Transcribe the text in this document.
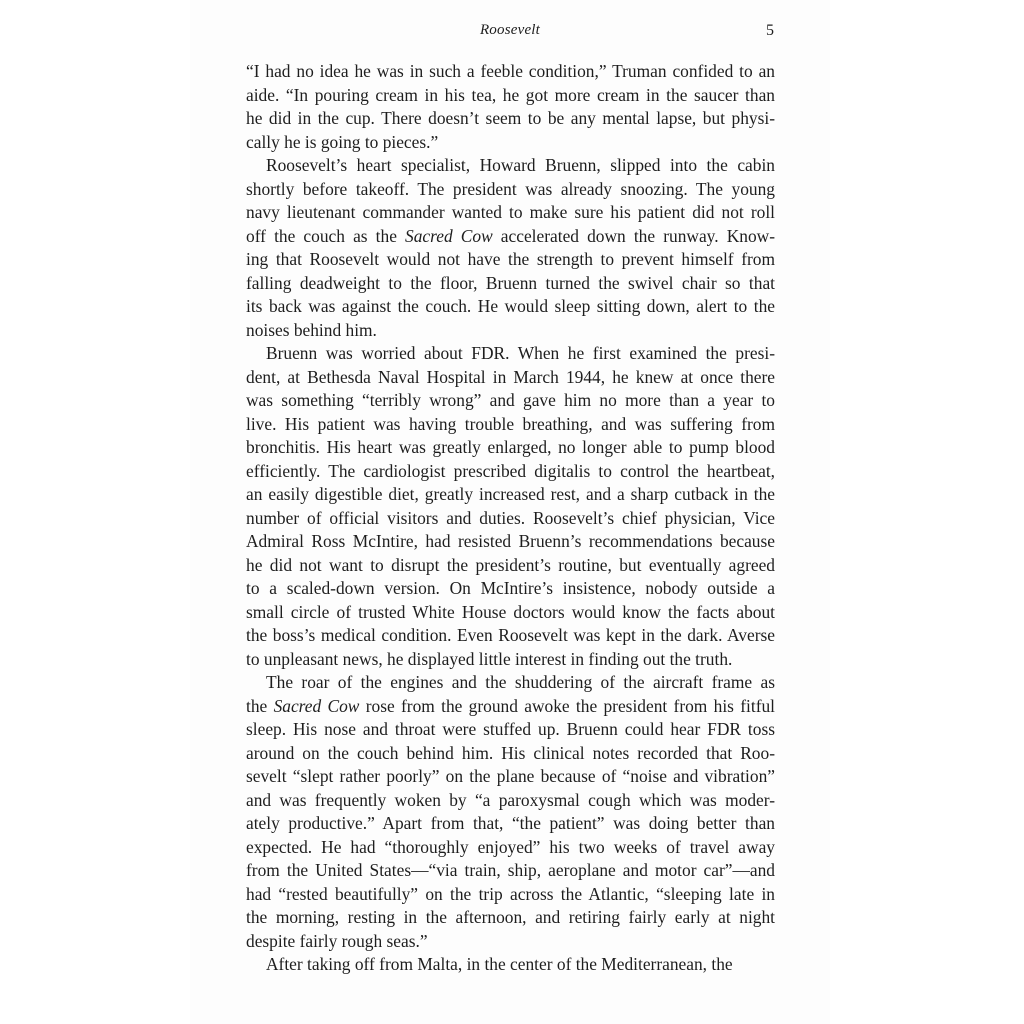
Roosevelt	5

“I had no idea he was in such a feeble condition,” Truman confided to an
aide. “In pouring cream in his tea, he got more cream in the saucer than
he did in the cup. There doesn’t seem to be any mental lapse, but physi-
cally he is going to pieces.”

Roosevelt’s heart specialist, Howard Bruenn, slipped into the cabin
shortly before takeoff. The president was already snoozing. The young
navy lieutenant commander wanted to make sure his patient did not roll
off the couch as the Sacred Cow accelerated down the runway. Know-
ing that Roosevelt would not have the strength to prevent himself from
falling deadweight to the floor, Bruenn turned the swivel chair so that
its back was against the couch. He would sleep sitting down, alert to the
noises behind him.

Bruenn was worried about FDR. When he first examined the presi-
dent, at Bethesda Naval Hospital in March 1944, he knew at once there
was something “terribly wrong” and gave him no more than a year to
live. His patient was having trouble breathing, and was suffering from
bronchitis. His heart was greatly enlarged, no longer able to pump blood
efficiently. The cardiologist prescribed digitalis to control the heartbeat,
an easily digestible diet, greatly increased rest, and a sharp cutback in the
number of official visitors and duties. Roosevelt’s chief physician, Vice
Admiral Ross McIntire, had resisted Bruenn’s recommendations because
he did not want to disrupt the president’s routine, but eventually agreed
to a scaled-down version. On McIntire’s insistence, nobody outside a
small circle of trusted White House doctors would know the facts about
the boss’s medical condition. Even Roosevelt was kept in the dark. Averse
to unpleasant news, he displayed little interest in finding out the truth.

The roar of the engines and the shuddering of the aircraft frame as
the Sacred Cow rose from the ground awoke the president from his fitful
sleep. His nose and throat were stuffed up. Bruenn could hear FDR toss
around on the couch behind him. His clinical notes recorded that Roo-
sevelt “slept rather poorly” on the plane because of “noise and vibration”
and was frequently woken by “a paroxysmal cough which was moder-
ately productive.” Apart from that, “the patient” was doing better than
expected. He had “thoroughly enjoyed” his two weeks of travel away
from the United States—“via train, ship, aeroplane and motor car”—and
had “rested beautifully” on the trip across the Atlantic, “sleeping late in
the morning, resting in the afternoon, and retiring fairly early at night
despite fairly rough seas.”

After taking off from Malta, in the center of the Mediterranean, the
